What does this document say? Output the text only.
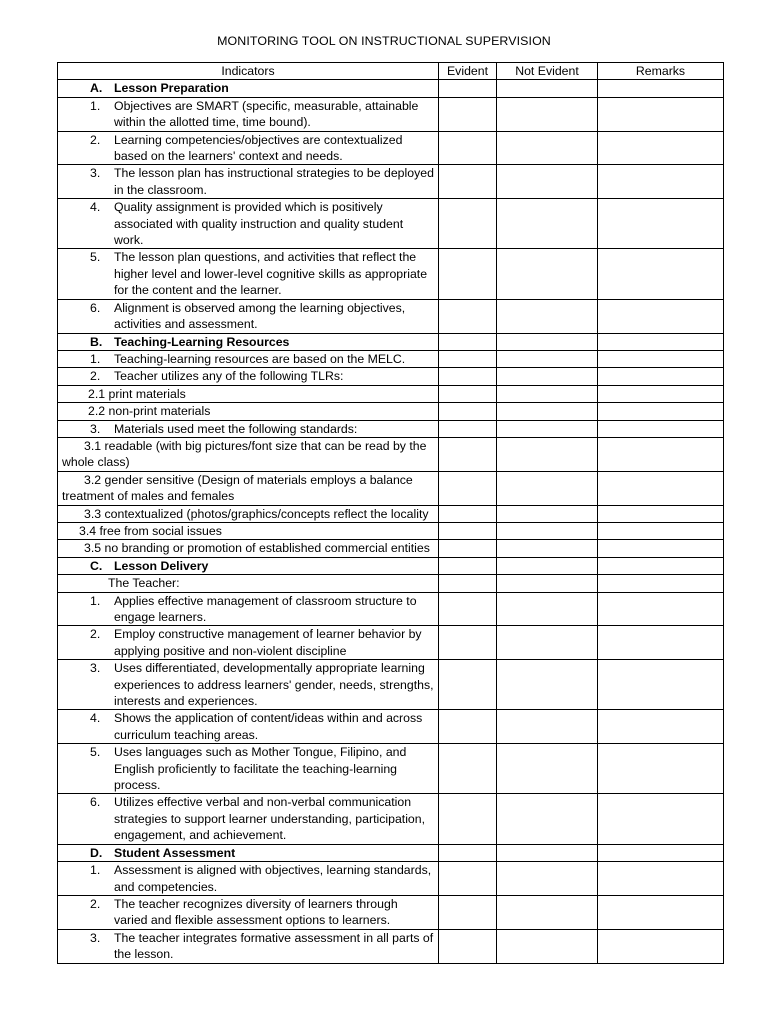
MONITORING TOOL ON INSTRUCTIONAL SUPERVISION
Indicators	Evident	Not Evident	Remarks

A. Lesson Preparation			

1. Objectives are SMART (specific, measurable, attainable within the allotted time, time bound).			

2. Learning competencies/objectives are contextualized based on the learners' context and needs.			

3. The lesson plan has instructional strategies to be deployed in the classroom.			

4. Quality assignment is provided which is positively associated with quality instruction and quality student work.			

5. The lesson plan questions, and activities that reflect the higher level and lower-level cognitive skills as appropriate for the content and the learner.			

6. Alignment is observed among the learning objectives, activities and assessment.			

B. Teaching-Learning Resources			

1. Teaching-learning resources are based on the MELC.			

2. Teacher utilizes any of the following TLRs:			

2.1 print materials			

2.2 non-print materials			

3. Materials used meet the following standards:			

3.1 readable (with big pictures/font size that can be read by the whole class)			

3.2 gender sensitive (Design of materials employs a balance treatment of males and females			

3.3 contextualized (photos/graphics/concepts reflect the locality			

3.4 free from social issues			

3.5 no branding or promotion of established commercial entities			

C. Lesson Delivery			

The Teacher:			

1. Applies effective management of classroom structure to engage learners.			

2. Employ constructive management of learner behavior by applying positive and non-violent discipline			

3. Uses differentiated, developmentally appropriate learning experiences to address learners' gender, needs, strengths, interests and experiences.			

4. Shows the application of content/ideas within and across curriculum teaching areas.			

5. Uses languages such as Mother Tongue, Filipino, and English proficiently to facilitate the teaching-learning process.			

6. Utilizes effective verbal and non-verbal communication strategies to support learner understanding, participation, engagement, and achievement.			

D. Student Assessment			

1. Assessment is aligned with objectives, learning standards, and competencies.			

2. The teacher recognizes diversity of learners through varied and flexible assessment options to learners.			

3. The teacher integrates formative assessment in all parts of the lesson.			
